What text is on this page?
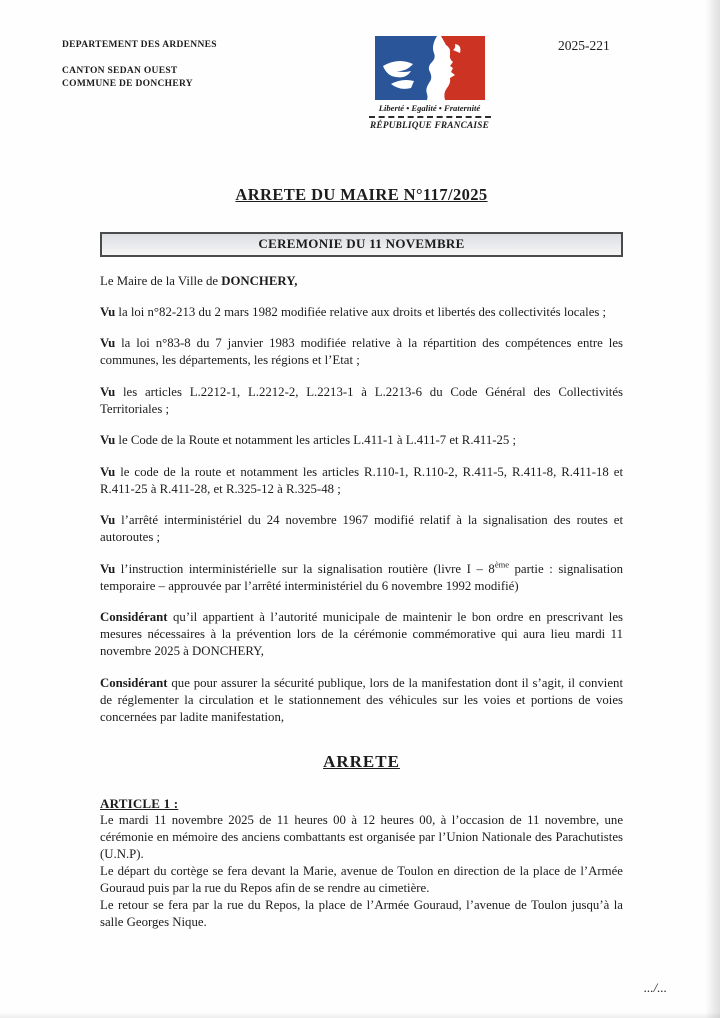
DEPARTEMENT DES ARDENNES
CANTON SEDAN OUEST
COMMUNE DE DONCHERY
Liberté • Egalité • Fraternité
RÉPUBLIQUE FRANCAISE
2025-221
ARRETE DU MAIRE N°117/2025
CEREMONIE DU 11 NOVEMBRE

Le Maire de la Ville de DONCHERY,

Vu la loi n°82-213 du 2 mars 1982 modifiée relative aux droits et libertés des collectivités locales ;

Vu la loi n°83-8 du 7 janvier 1983 modifiée relative à la répartition des compétences entre les communes, les départements, les régions et l’Etat ;

Vu les articles L.2212-1, L.2212-2, L.2213-1 à L.2213-6 du Code Général des Collectivités Territoriales ;

Vu le Code de la Route et notamment les articles L.411-1 à L.411-7 et R.411-25 ;

Vu le code de la route et notamment les articles R.110-1, R.110-2, R.411-5, R.411-8, R.411-18 et R.411-25 à R.411-28, et R.325-12 à R.325-48 ;

Vu l’arrêté interministériel du 24 novembre 1967 modifié relatif à la signalisation des routes et autoroutes ;

Vu l’instruction interministérielle sur la signalisation routière (livre I – 8ème partie : signalisation temporaire – approuvée par l’arrêté interministériel du 6 novembre 1992 modifié)

Considérant qu’il appartient à l’autorité municipale de maintenir le bon ordre en prescrivant les mesures nécessaires à la prévention lors de la cérémonie commémorative qui aura lieu mardi 11 novembre 2025 à DONCHERY,

Considérant que pour assurer la sécurité publique, lors de la manifestation dont il s’agit, il convient de réglementer la circulation et le stationnement des véhicules sur les voies et portions de voies concernées par ladite manifestation,

ARRETE
ARTICLE 1 :

Le mardi 11 novembre 2025 de 11 heures 00 à 12 heures 00, à l’occasion de 11 novembre, une cérémonie en mémoire des anciens combattants est organisée par l’Union Nationale des Parachutistes (U.N.P).

Le départ du cortège se fera devant la Marie, avenue de Toulon en direction de la place de l’Armée Gouraud puis par la rue du Repos afin de se rendre au cimetière.

Le retour se fera par la rue du Repos, la place de l’Armée Gouraud, l’avenue de Toulon jusqu’à la salle Georges Nique.

.../...
